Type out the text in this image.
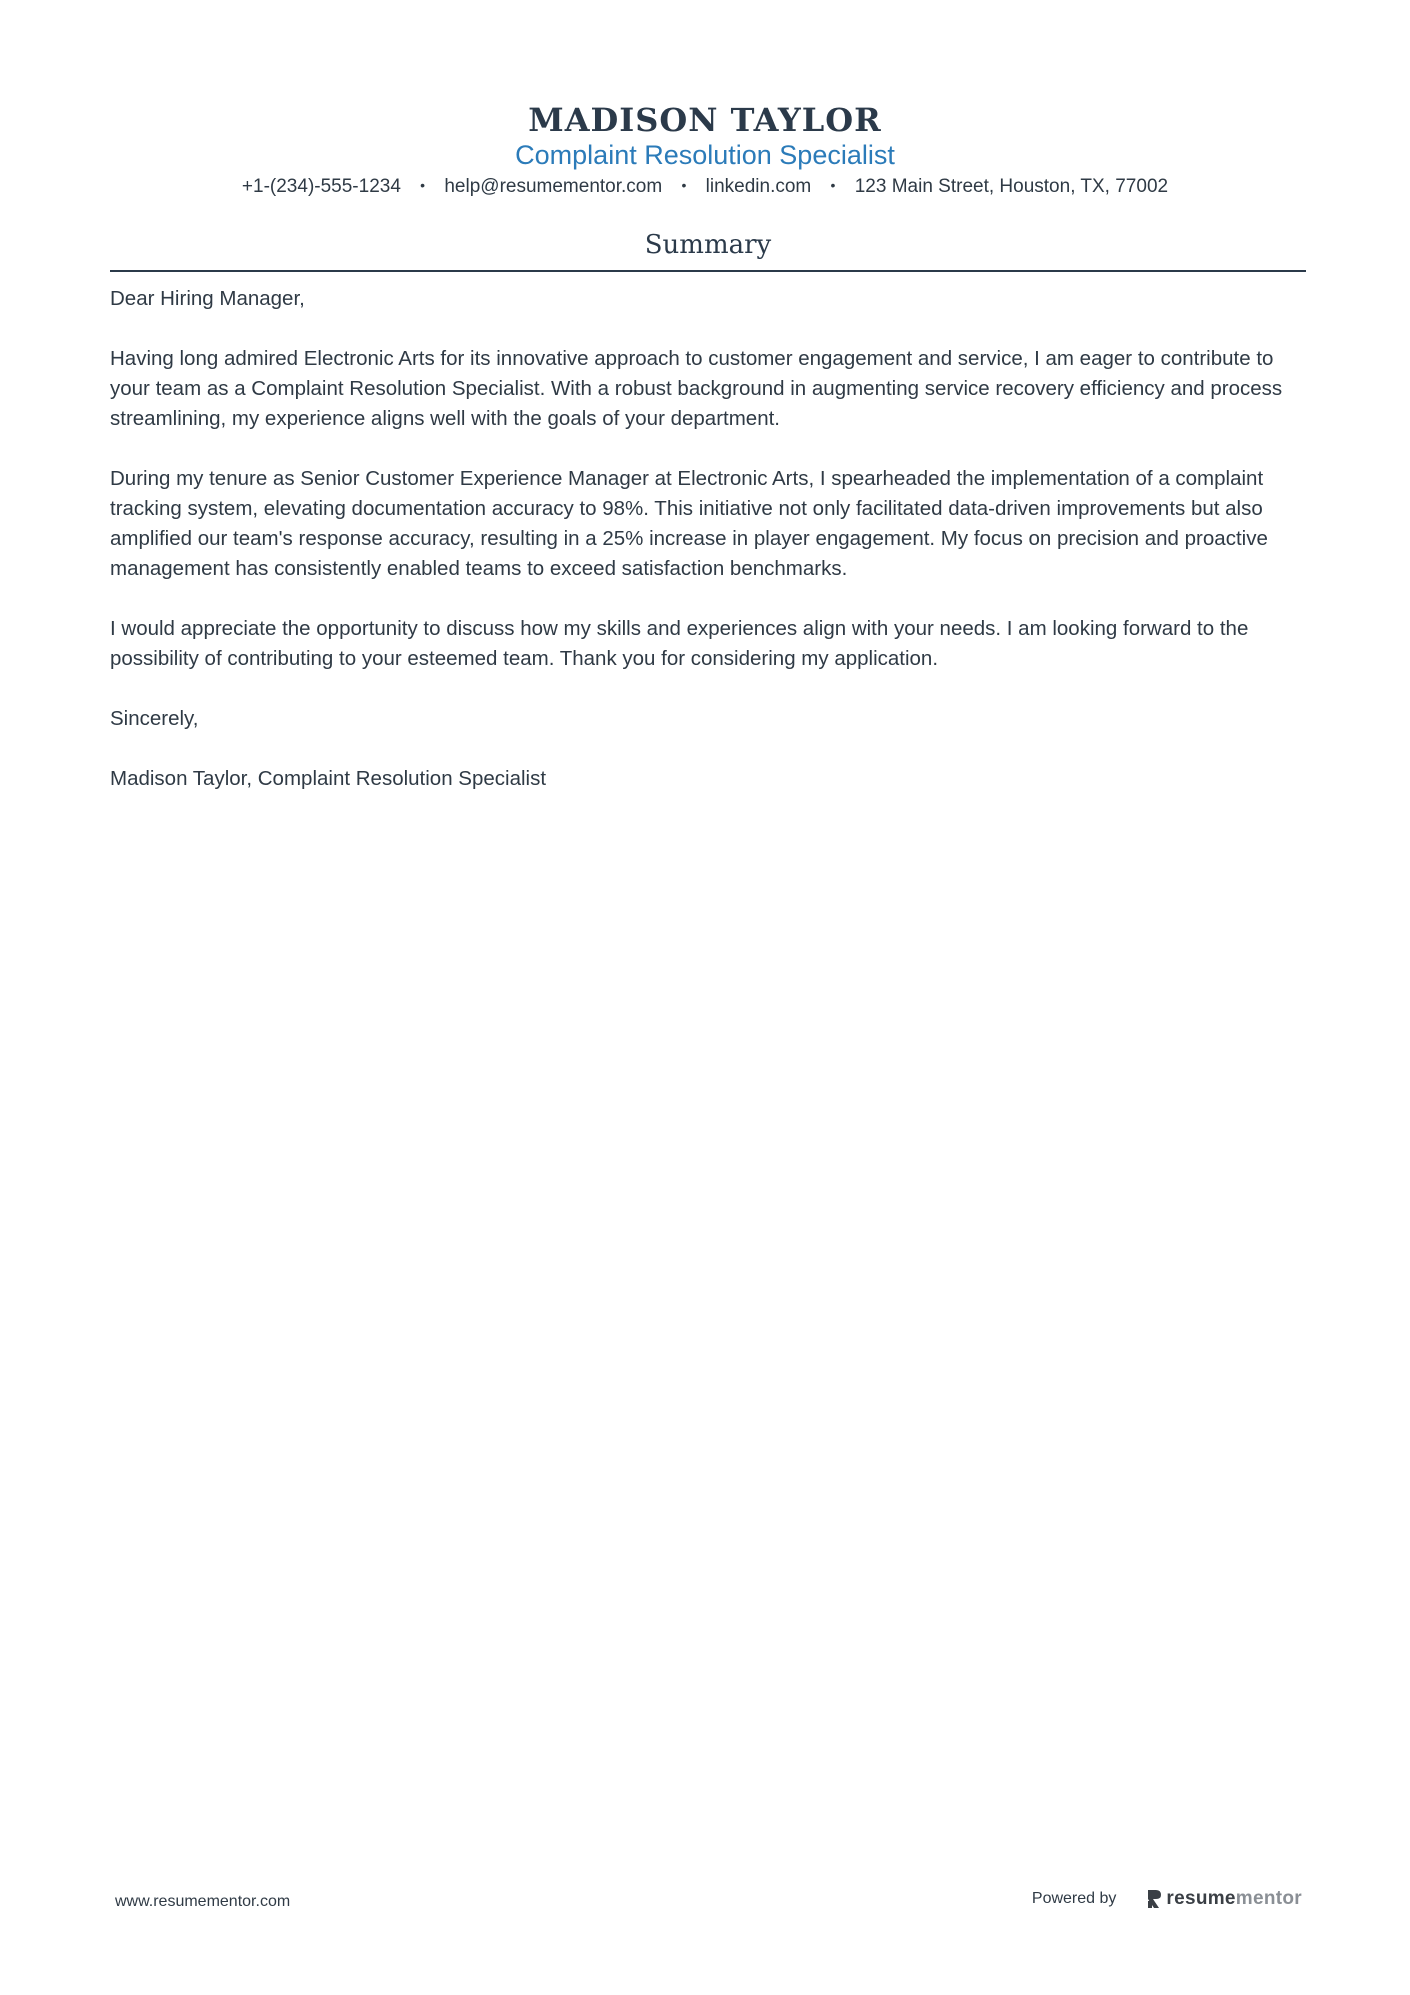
MADISON TAYLOR
Complaint Resolution Specialist
+1-(234)-555-1234 • help@resumementor.com • linkedin.com • 123 Main Street, Houston, TX, 77002
Summary

Dear Hiring Manager,

Having long admired Electronic Arts for its innovative approach to customer engagement and service, I am eager to contribute to your team as a Complaint Resolution Specialist. With a robust background in augmenting service recovery efficiency and process streamlining, my experience aligns well with the goals of your department.

During my tenure as Senior Customer Experience Manager at Electronic Arts, I spearheaded the implementation of a complaint tracking system, elevating documentation accuracy to 98%. This initiative not only facilitated data-driven improvements but also amplified our team's response accuracy, resulting in a 25% increase in player engagement. My focus on precision and proactive management has consistently enabled teams to exceed satisfaction benchmarks.

I would appreciate the opportunity to discuss how my skills and experiences align with your needs. I am looking forward to the possibility of contributing to your esteemed team. Thank you for considering my application.

Sincerely,

Madison Taylor, Complaint Resolution Specialist

www.resumementor.com	Powered by	resume mentor
